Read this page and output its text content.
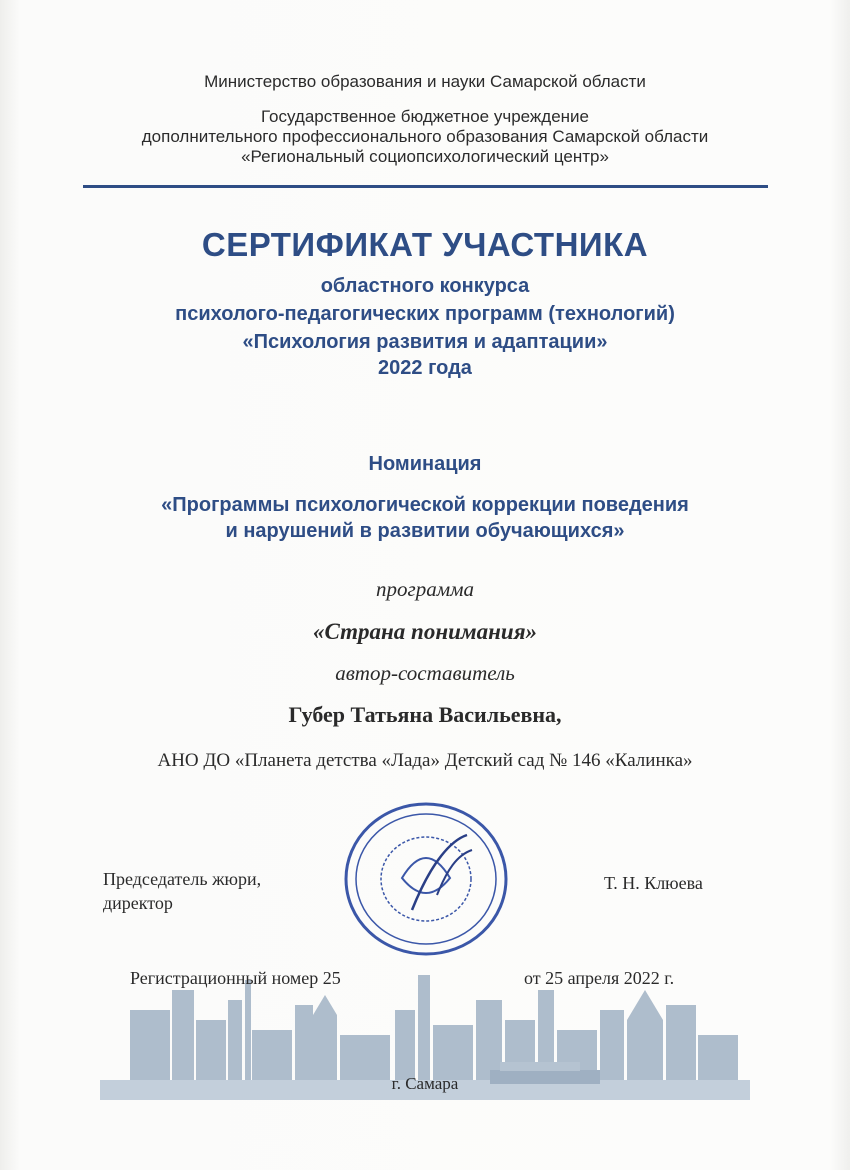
Министерство образования и науки Самарской области
Государственное бюджетное учреждение
дополнительного профессионального образования Самарской области
«Региональный социопсихологический центр»
СЕРТИФИКАТ УЧАСТНИКА
областного конкурса
психолого-педагогических программ (технологий)
«Психология развития и адаптации»
2022 года
Номинация
«Программы психологической коррекции поведения
и нарушений в развитии обучающихся»
программа
«Страна понимания»
автор-составитель
Губер Татьяна Васильевна,
АНО ДО «Планета детства «Лада» Детский сад № 146 «Калинка»
Председатель жюри,
директор
Т. Н. Клюева
Регистрационный номер 25	от 25 апреля 2022 г.
г. Самара
